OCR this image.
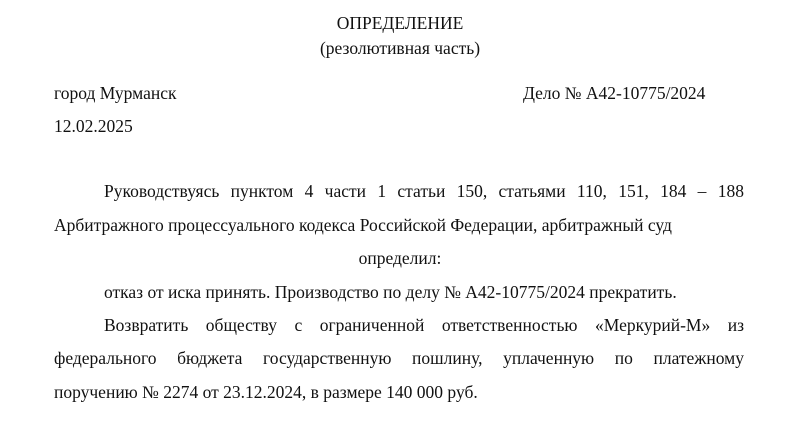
ОПРЕДЕЛЕНИЕ
(резолютивная часть)
город Мурманск	Дело № А42-10775/2024
12.02.2025
Руководствуясь пунктом 4 части 1 статьи 150, статьями 110, 151, 184 – 188
Арбитражного процессуального кодекса Российской Федерации, арбитражный суд
определил:
отказ от иска принять. Производство по делу № А42-10775/2024 прекратить.
Возвратить обществу с ограниченной ответственностью «Меркурий-М» из
федерального бюджета государственную пошлину, уплаченную по платежному
поручению № 2274 от 23.12.2024, в размере 140 000 руб.
